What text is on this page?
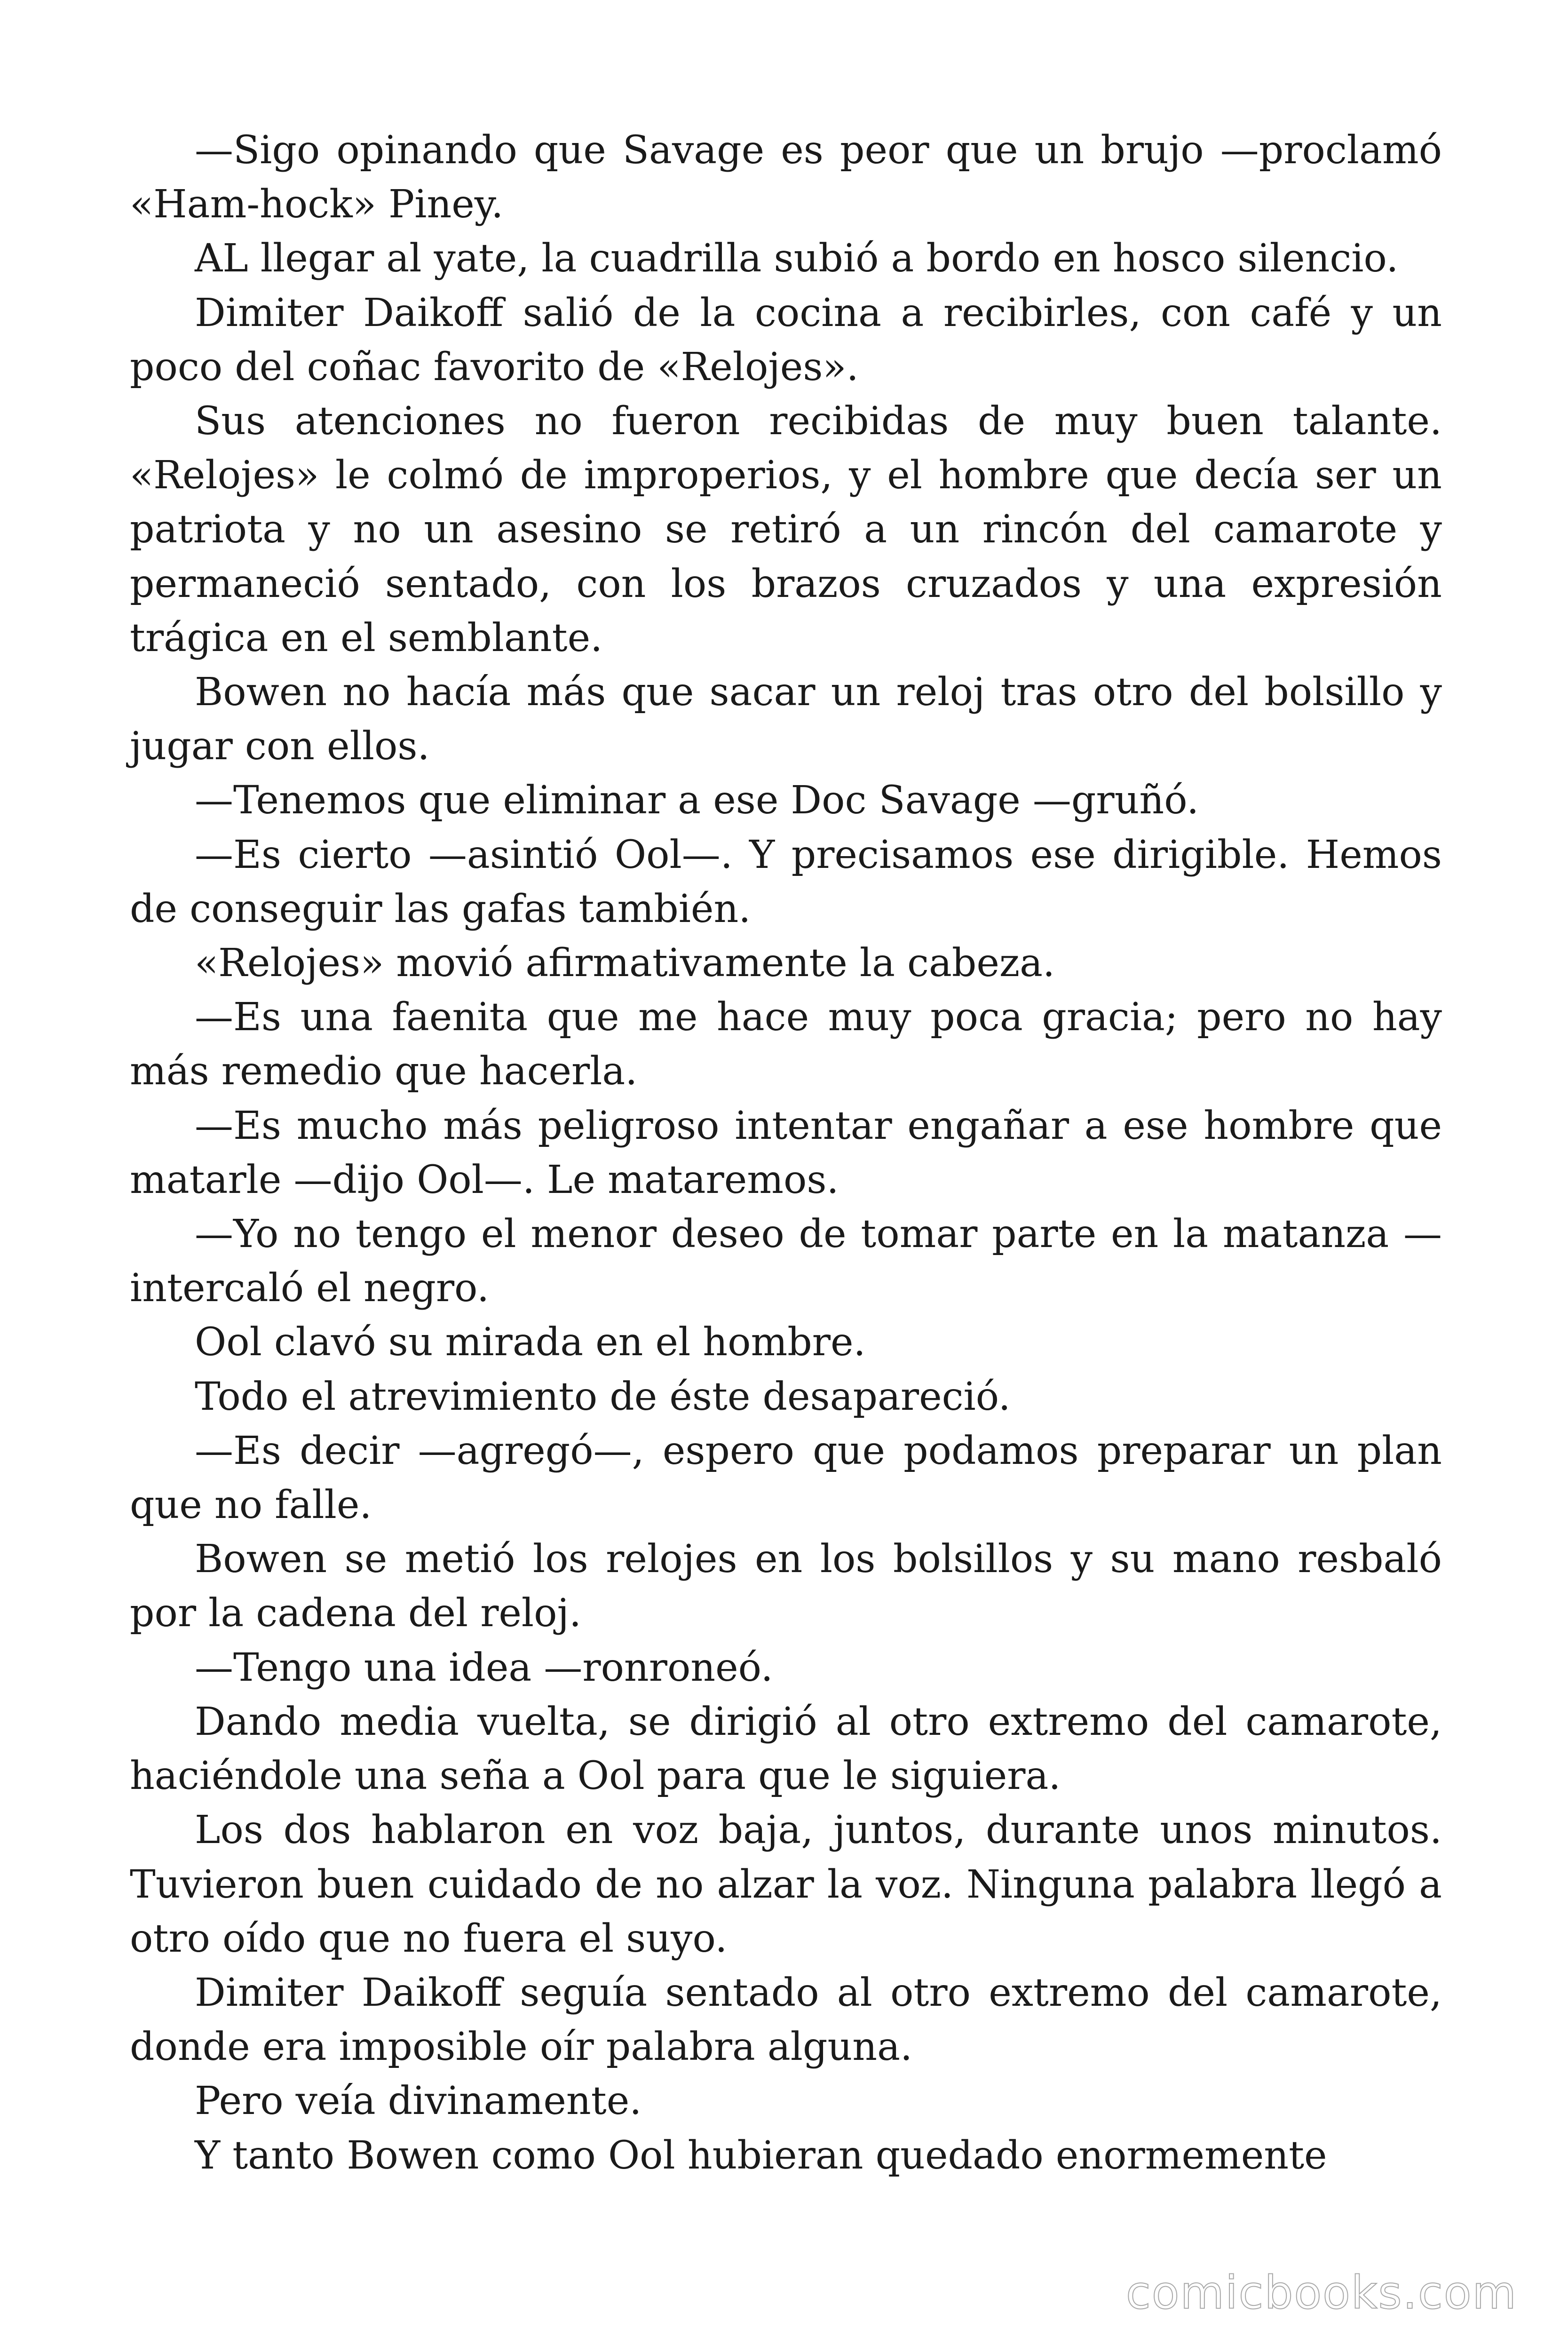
—Sigo opinando que Savage es peor que un brujo —proclamó «Ham-hock» Piney.

AL llegar al yate, la cuadrilla subió a bordo en hosco silencio.

Dimiter Daikoff salió de la cocina a recibirles, con café y un poco del coñac favorito de «Relojes».

Sus atenciones no fueron recibidas de muy buen talante. «Relojes» le colmó de improperios, y el hombre que decía ser un patriota y no un asesino se retiró a un rincón del camarote y permaneció sentado, con los brazos cruzados y una expresión trágica en el semblante.

Bowen no hacía más que sacar un reloj tras otro del bolsillo y jugar con ellos.

—Tenemos que eliminar a ese Doc Savage —gruñó.

—Es cierto —asintió Ool—. Y precisamos ese dirigible. Hemos de conseguir las gafas también.

«Relojes» movió afirmativamente la cabeza.

—Es una faenita que me hace muy poca gracia; pero no hay más remedio que hacerla.

—Es mucho más peligroso intentar engañar a ese hombre que matarle —dijo Ool—. Le mataremos.

—Yo no tengo el menor deseo de tomar parte en la matanza —intercaló el negro.

Ool clavó su mirada en el hombre.

Todo el atrevimiento de éste desapareció.

—Es decir —agregó—, espero que podamos preparar un plan que no falle.

Bowen se metió los relojes en los bolsillos y su mano resbaló por la cadena del reloj.

—Tengo una idea —ronroneó.

Dando media vuelta, se dirigió al otro extremo del camarote, haciéndole una seña a Ool para que le siguiera.

Los dos hablaron en voz baja, juntos, durante unos minutos. Tuvieron buen cuidado de no alzar la voz. Ninguna palabra llegó a otro oído que no fuera el suyo.

Dimiter Daikoff seguía sentado al otro extremo del camarote, donde era imposible oír palabra alguna.

Pero veía divinamente.

Y tanto Bowen como Ool hubieran quedado enormemente

comicbooks.com
